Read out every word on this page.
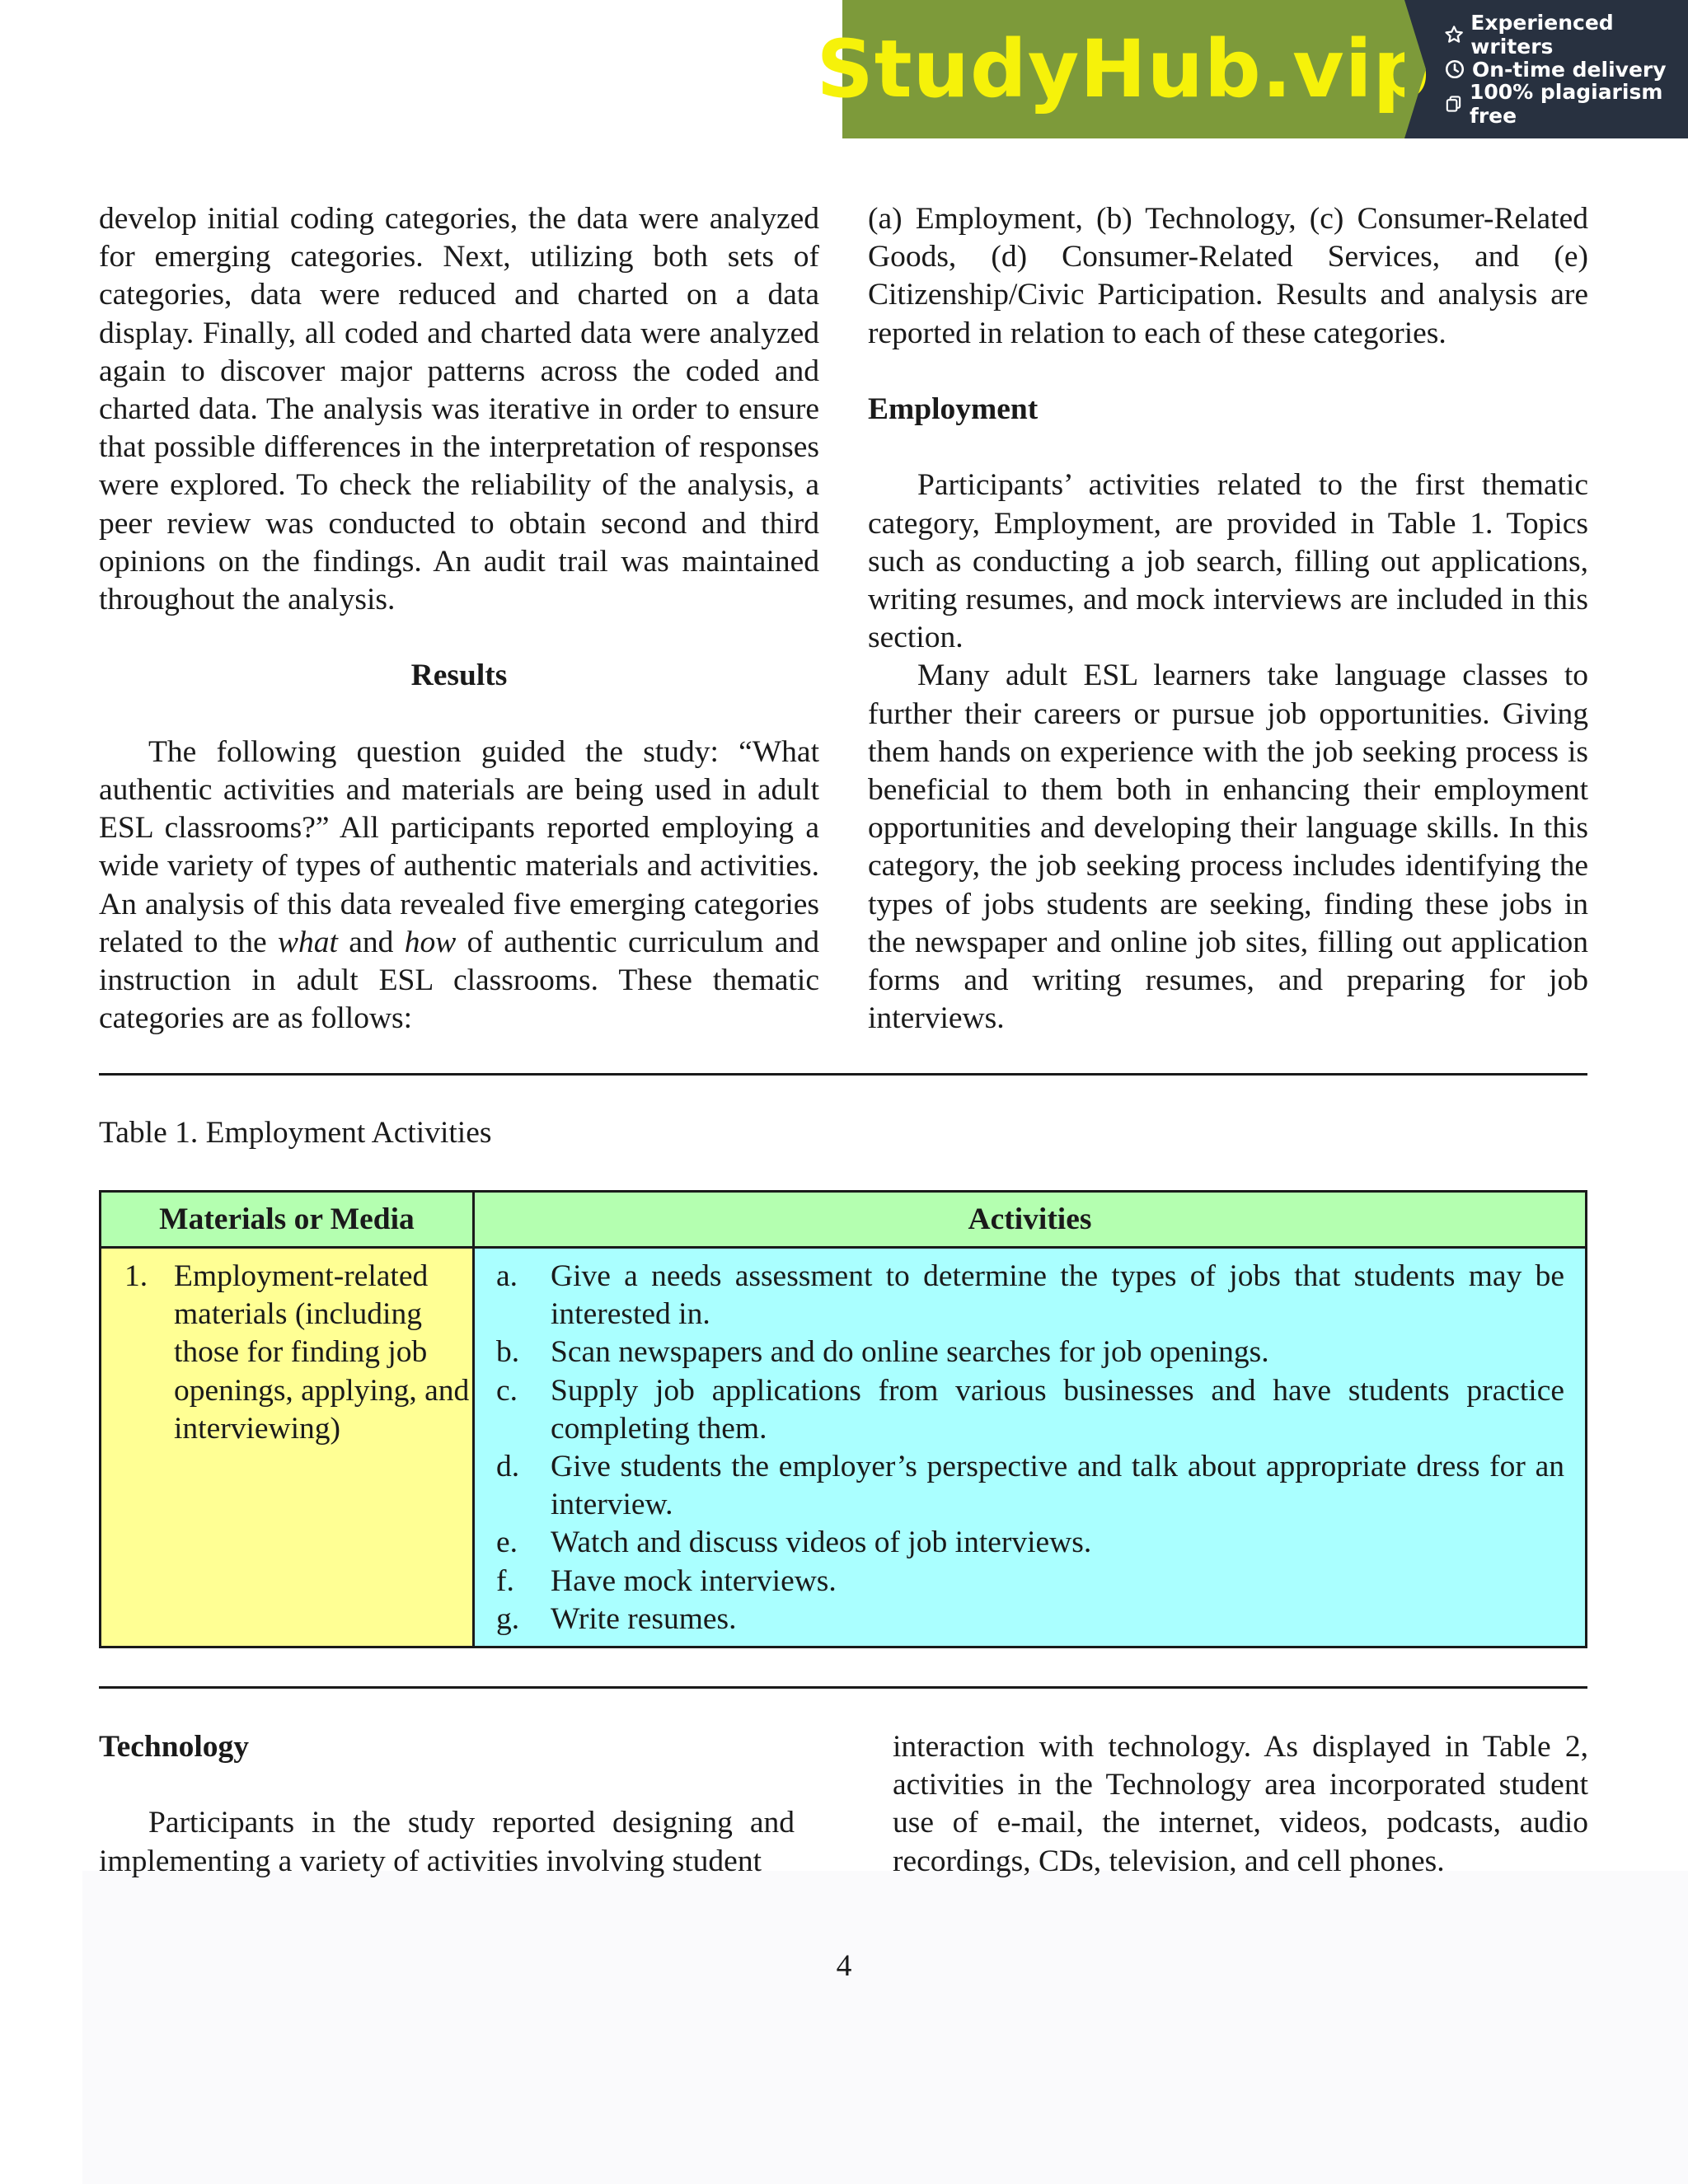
StudyHub.vip
Experienced writers
On-time delivery
100% plagiarism free

develop initial coding categories, the data were analyzed for emerging categories. Next, utilizing both sets of categories, data were reduced and charted on a data display. Finally, all coded and charted data were analyzed again to discover major patterns across the coded and charted data. The analysis was iterative in order to ensure that possible differences in the interpretation of responses were explored. To check the reliability of the analysis, a peer review was conducted to obtain second and third opinions on the findings. An audit trail was maintained throughout the analysis.

Results

The following question guided the study: “What authentic activities and materials are being used in adult ESL classrooms?” All participants reported employing a wide variety of types of authentic materials and activities. An analysis of this data revealed five emerging categories related to the what and how of authentic curriculum and instruction in adult ESL classrooms. These thematic categories are as follows:

(a) Employment, (b) Technology, (c) Consumer-Related Goods, (d) Consumer-Related Services, and (e) Citizenship/Civic Participation. Results and analysis are reported in relation to each of these categories.

Employment

Participants’ activities related to the first thematic category, Employment, are provided in Table 1. Topics such as conducting a job search, filling out applications, writing resumes, and mock interviews are included in this section.

Many adult ESL learners take language classes to further their careers or pursue job opportunities. Giving them hands on experience with the job seeking process is beneficial to them both in enhancing their employment opportunities and developing their language skills. In this category, the job seeking process includes identifying the types of jobs students are seeking, finding these jobs in the newspaper and online job sites, filling out application forms and writing resumes, and preparing for job interviews.

Table 1. Employment Activities
Materials or Media	Activities
1. Employment-related materials (including those for finding job openings, applying, and interviewing)
a. Give a needs assessment to determine the types of jobs that students may be interested in.
b. Scan newspapers and do online searches for job openings.
c. Supply job applications from various businesses and have students practice completing them.
d. Give students the employer’s perspective and talk about appropriate dress for an interview.
e. Watch and discuss videos of job interviews.
f. Have mock interviews.
g. Write resumes.

Technology

Participants in the study reported designing and implementing a variety of activities involving student

interaction with technology. As displayed in Table 2, activities in the Technology area incorporated student use of e-mail, the internet, videos, podcasts, audio recordings, CDs, television, and cell phones.

4
